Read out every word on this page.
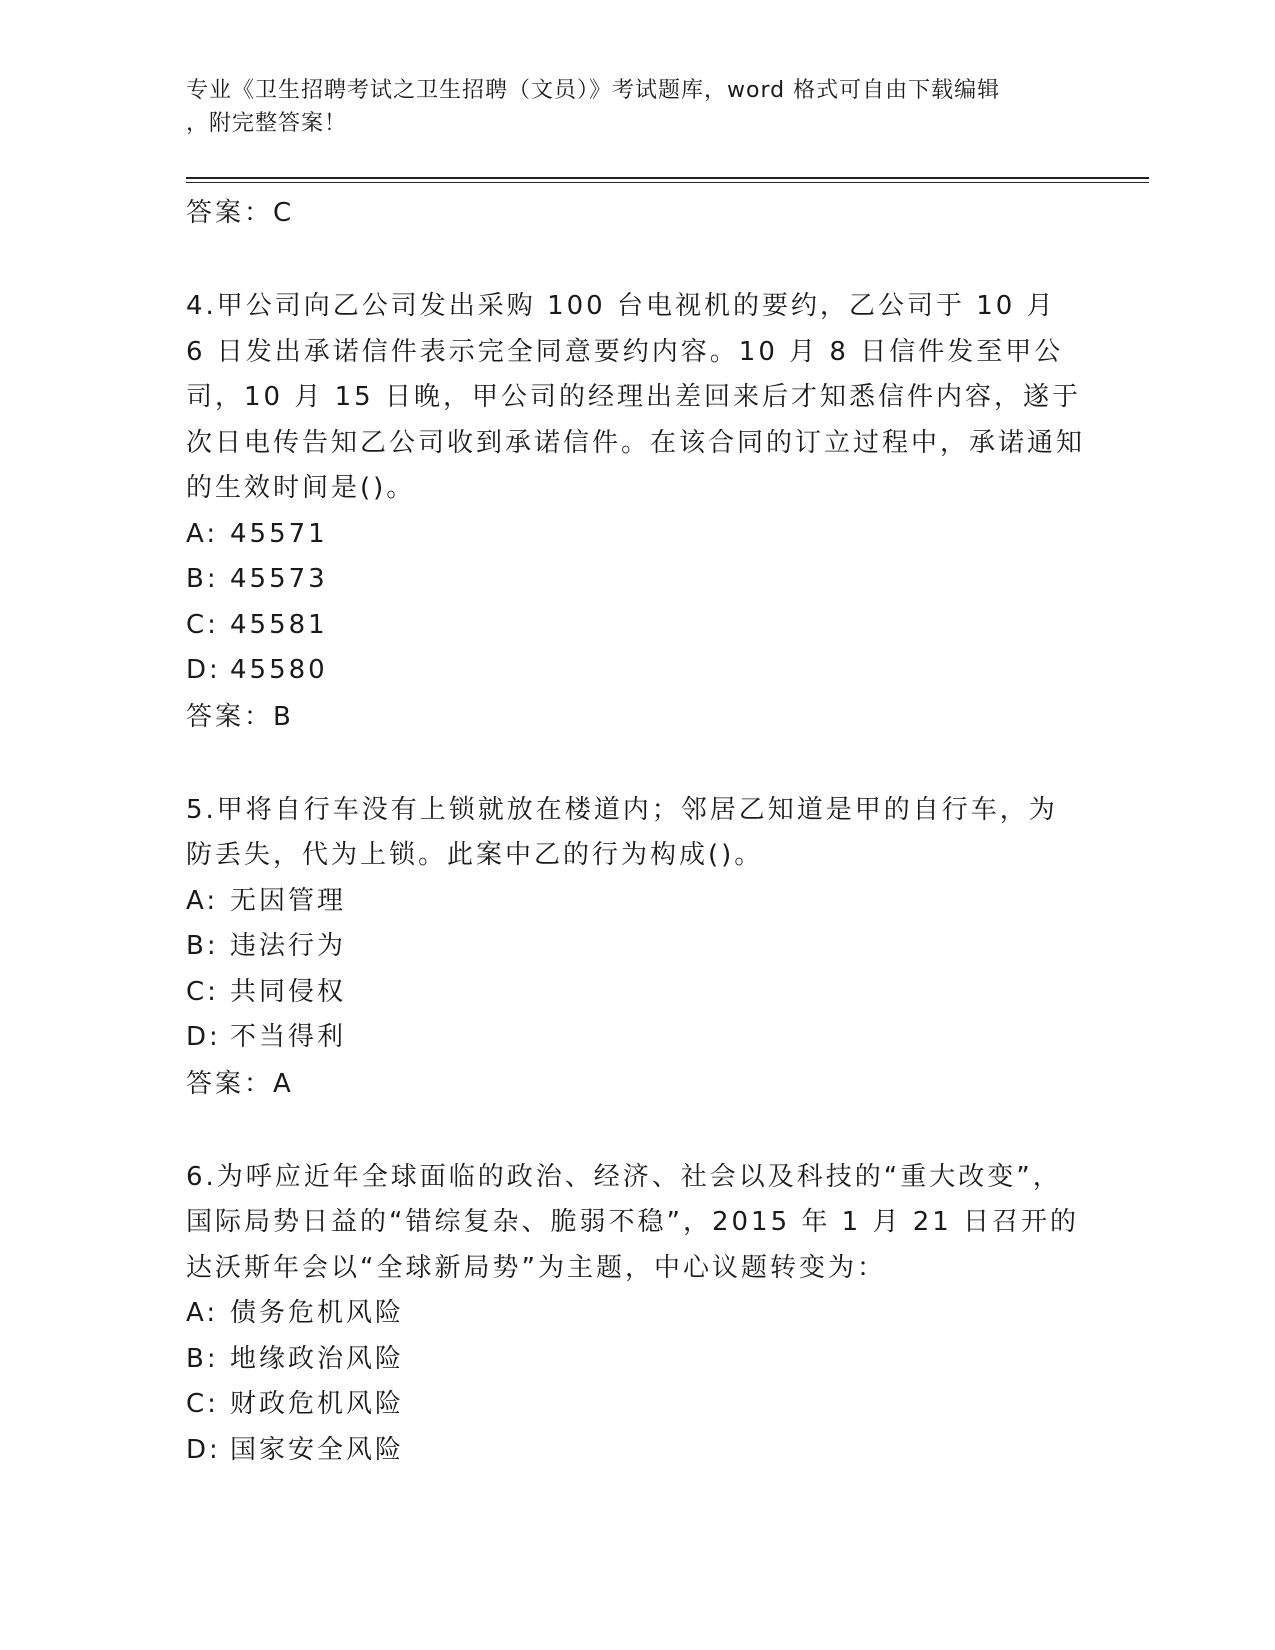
专业《卫生招聘考试之卫生招聘（文员）》考试题库，word 格式可自由下载编辑
，附完整答案！
答案：C
4.甲公司向乙公司发出采购 100 台电视机的要约，乙公司于 10 月 6 日发出承诺信件表示完全同意要约内容。10 月 8 日信件发至甲公司，10 月 15 日晚，甲公司的经理出差回来后才知悉信件内容，遂于次日电传告知乙公司收到承诺信件。在该合同的订立过程中，承诺通知的生效时间是()。
A: 45571
B: 45573
C: 45581
D: 45580
答案：B
5.甲将自行车没有上锁就放在楼道内；邻居乙知道是甲的自行车，为防丢失，代为上锁。此案中乙的行为构成()。
A: 无因管理
B: 违法行为
C: 共同侵权
D: 不当得利
答案：A
6.为呼应近年全球面临的政治、经济、社会以及科技的“重大改变”，国际局势日益的“错综复杂、脆弱不稳”，2015 年 1 月 21 日召开的达沃斯年会以“全球新局势”为主题，中心议题转变为：
A: 债务危机风险
B: 地缘政治风险
C: 财政危机风险
D: 国家安全风险
